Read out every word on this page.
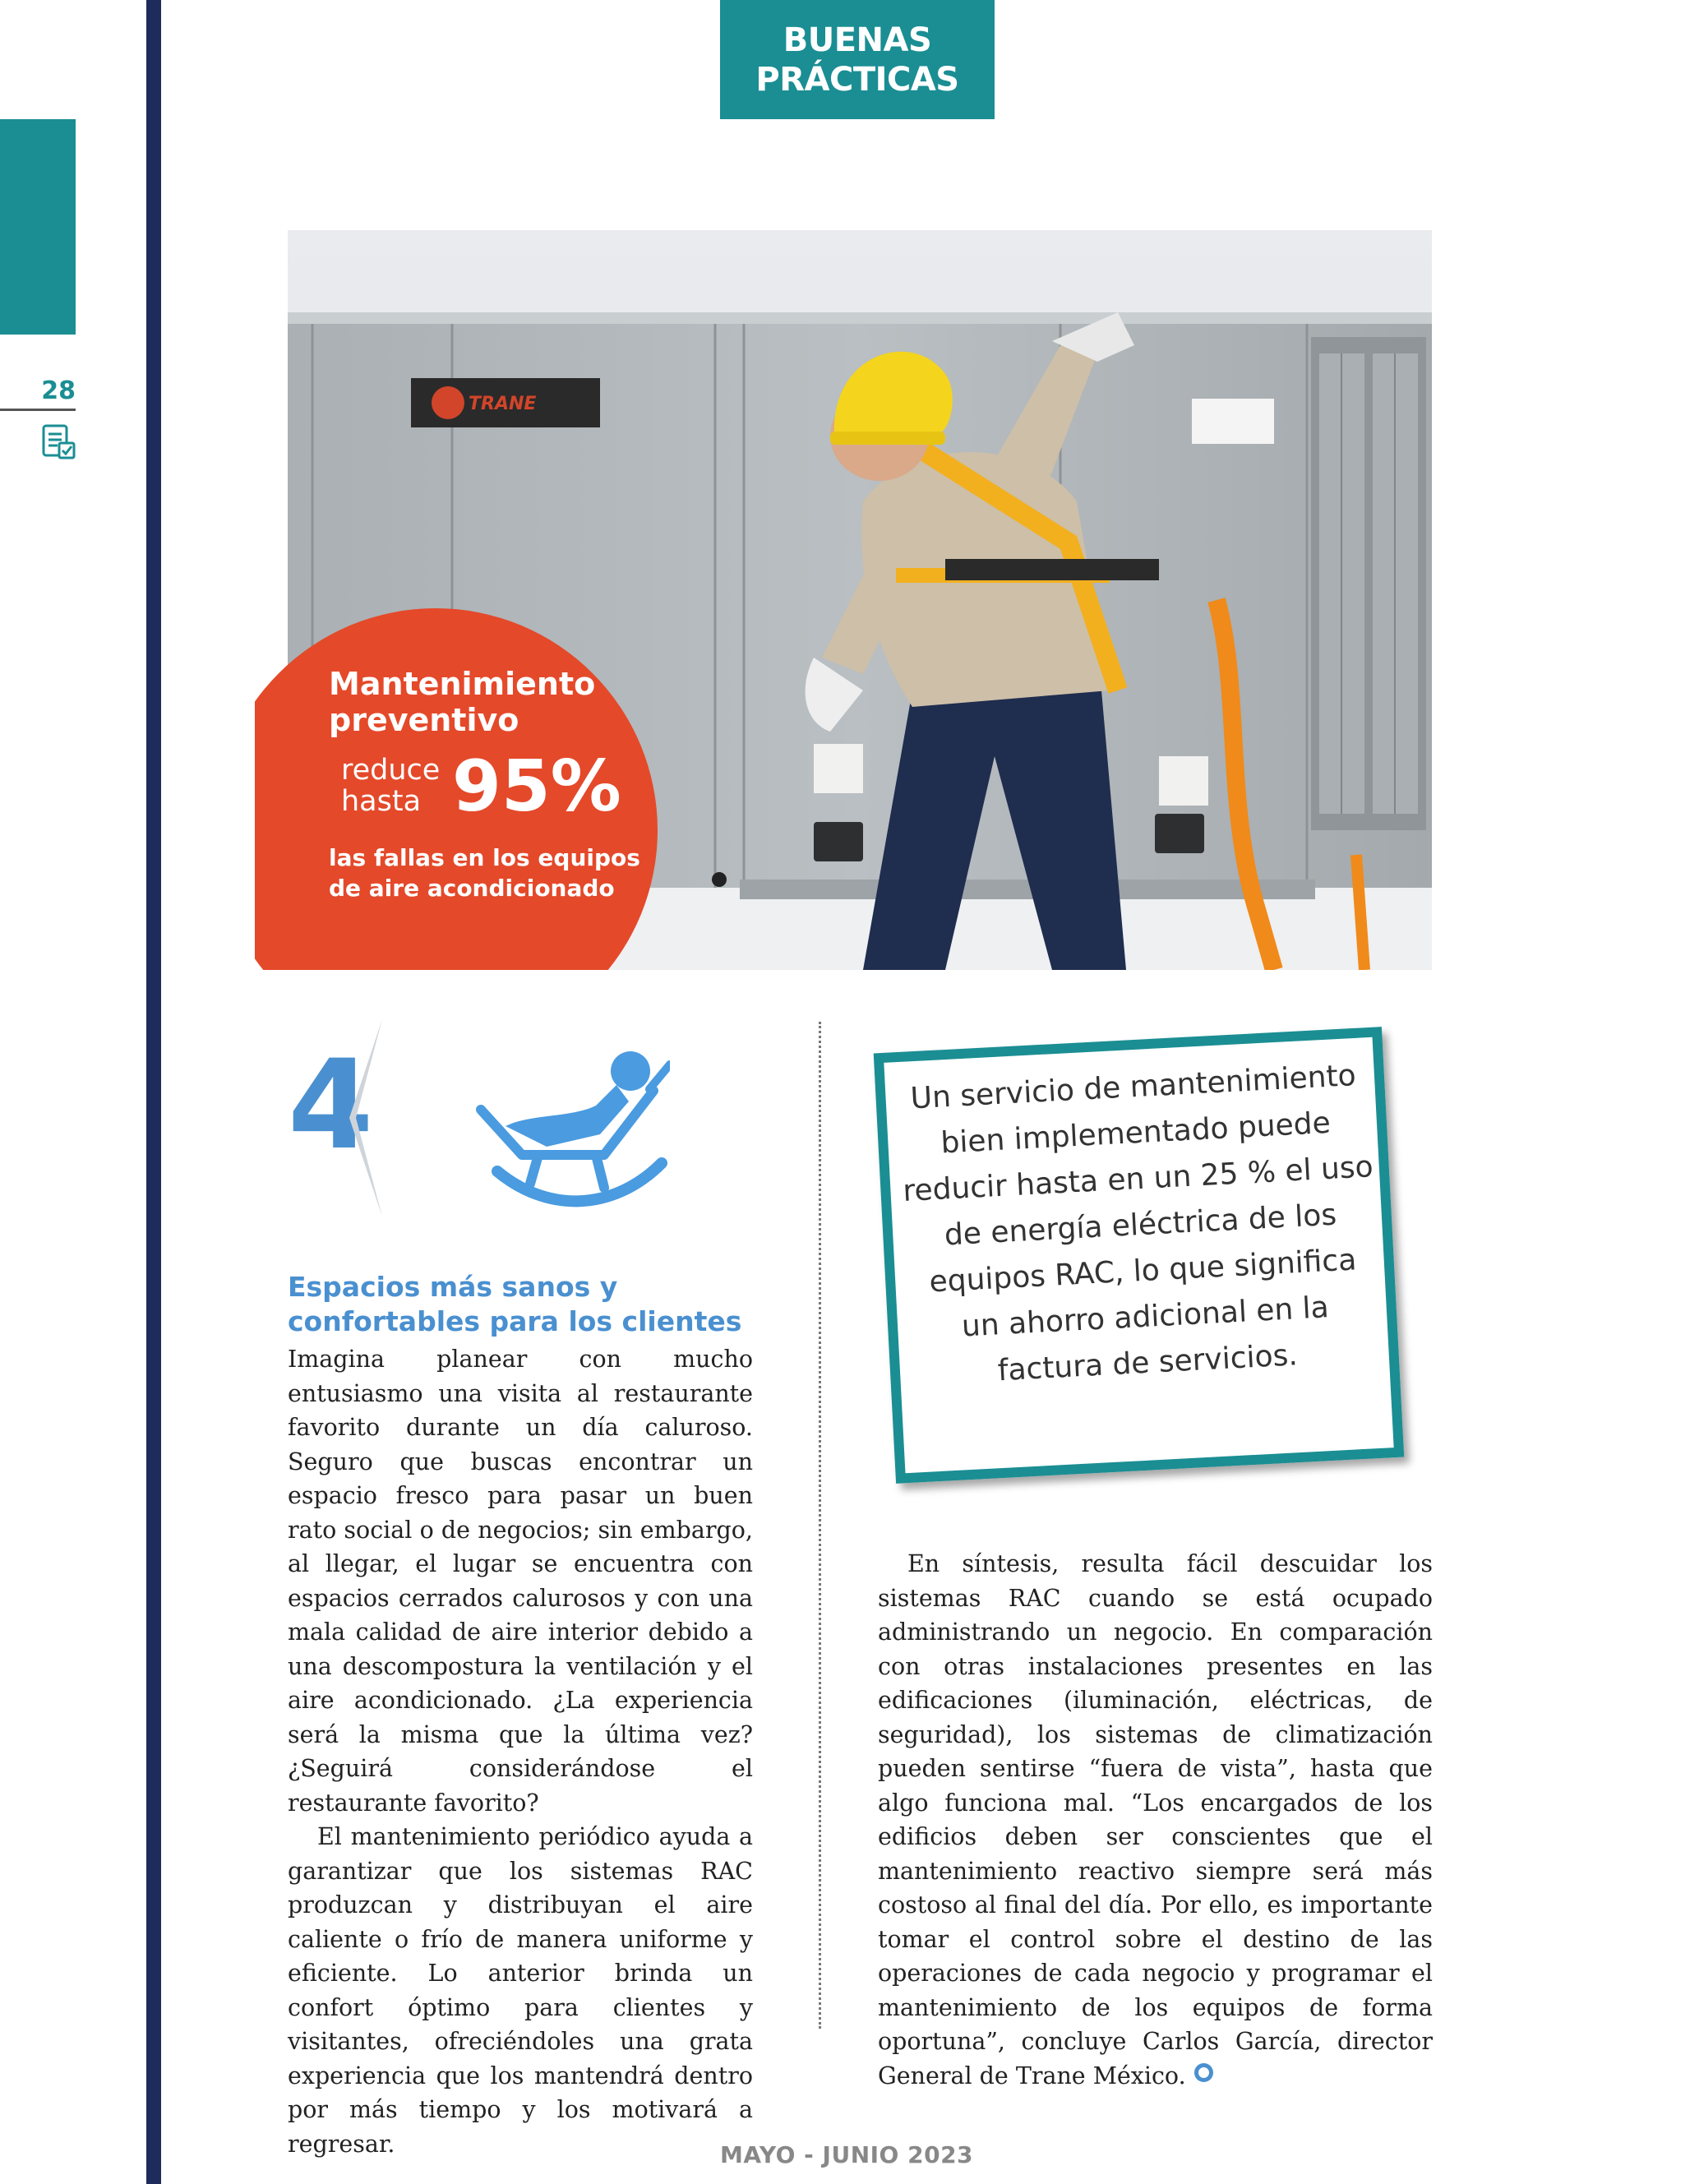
28
BUENAS
PRÁCTICAS
TRANE
Mantenimiento preventivo
reduce hasta 95%
las fallas en los equipos de aire acondicionado
4
Espacios más sanos y confortables para los clientes

Imagina planear con mucho entusiasmo una visita al restaurante favorito durante un día caluroso. Seguro que buscas encontrar un espacio fresco para pasar un buen rato social o de negocios; sin embargo, al llegar, el lugar se encuentra con espacios cerrados calurosos y con una mala calidad de aire interior debido a una descompostura la ventilación y el aire acondicionado. ¿La experiencia será la misma que la última vez? ¿Seguirá considerándose el restaurante favorito?

El mantenimiento periódico ayuda a garantizar que los sistemas RAC produzcan y distribuyan el aire caliente o frío de manera uniforme y eficiente. Lo anterior brinda un confort óptimo para clientes y visitantes, ofreciéndoles una grata experiencia que los mantendrá dentro por más tiempo y los motivará a regresar.

Un servicio de mantenimiento bien implementado puede reducir hasta en un 25 % el uso de energía eléctrica de los equipos RAC, lo que significa un ahorro adicional en la factura de servicios.

En síntesis, resulta fácil descuidar los sistemas RAC cuando se está ocupado administrando un negocio. En comparación con otras instalaciones presentes en las edificaciones (iluminación, eléctricas, de seguridad), los sistemas de climatización pueden sentirse “fuera de vista”, hasta que algo funciona mal. “Los encargados de los edificios deben ser conscientes que el mantenimiento reactivo siempre será más costoso al final del día. Por ello, es importante tomar el control sobre el destino de las operaciones de cada negocio y programar el mantenimiento de los equipos de forma oportuna”, concluye Carlos García, director General de Trane México.

MAYO - JUNIO 2023
